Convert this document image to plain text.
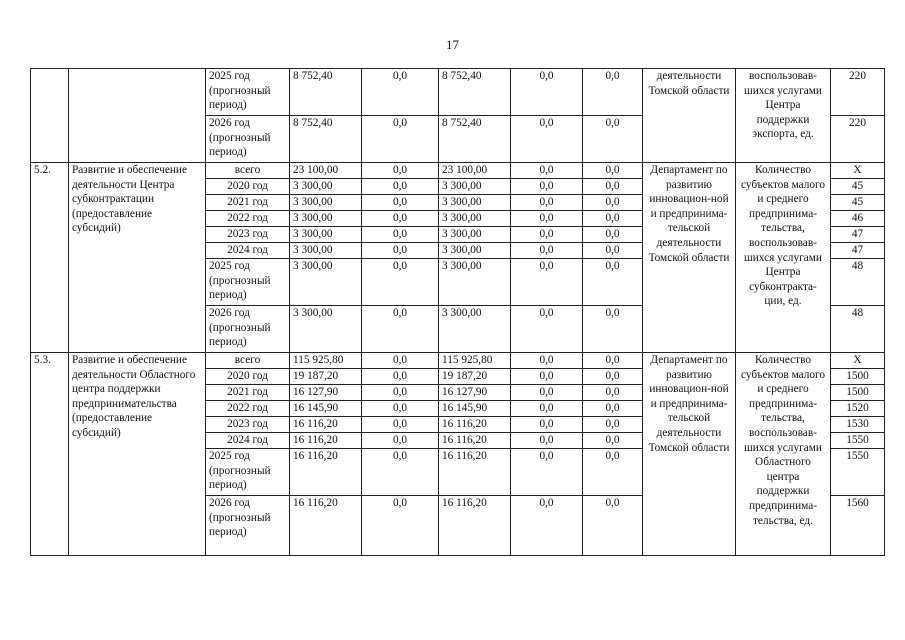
17
		2025 год (прогнозный период)	8 752,40	0,0	8 752,40	0,0	0,0	деятельности Томской области	воспользовав-шихся услугами Центра поддержки экспорта, ед.	220
		2026 год (прогнозный период)	8 752,40	0,0	8 752,40	0,0	0,0			220
5.2.	Развитие и обеспечение деятельности Центра субконтрактации (предоставление субсидий)	всего	23 100,00	0,0	23 100,00	0,0	0,0	Департамент по развитию инновацион-ной и предпринима-тельской деятельности Томской области	Количество субъектов малого и среднего предпринима-тельства, воспользовав-шихся услугами Центра субконтракта-ции, ед.	X
		2020 год	3 300,00	0,0	3 300,00	0,0	0,0			45
		2021 год	3 300,00	0,0	3 300,00	0,0	0,0			45
		2022 год	3 300,00	0,0	3 300,00	0,0	0,0			46
		2023 год	3 300,00	0,0	3 300,00	0,0	0,0			47
		2024 год	3 300,00	0,0	3 300,00	0,0	0,0			47
		2025 год (прогнозный период)	3 300,00	0,0	3 300,00	0,0	0,0			48
		2026 год (прогнозный период)	3 300,00	0,0	3 300,00	0,0	0,0			48
5.3.	Развитие и обеспечение деятельности Областного центра поддержки предпринимательства (предоставление субсидий)	всего	115 925,80	0,0	115 925,80	0,0	0,0	Департамент по развитию инновацион-ной и предпринима-тельской деятельности Томской области	Количество субъектов малого и среднего предпринима-тельства, воспользовав-шихся услугами Областного центра поддержки предпринима-тельства, ед.	X
		2020 год	19 187,20	0,0	19 187,20	0,0	0,0			1500
		2021 год	16 127,90	0,0	16 127,90	0,0	0,0			1500
		2022 год	16 145,90	0,0	16 145,90	0,0	0,0			1520
		2023 год	16 116,20	0,0	16 116,20	0,0	0,0			1530
		2024 год	16 116,20	0,0	16 116,20	0,0	0,0			1550
		2025 год (прогнозный период)	16 116,20	0,0	16 116,20	0,0	0,0			1550
		2026 год (прогнозный период)	16 116,20	0,0	16 116,20	0,0	0,0			1560
